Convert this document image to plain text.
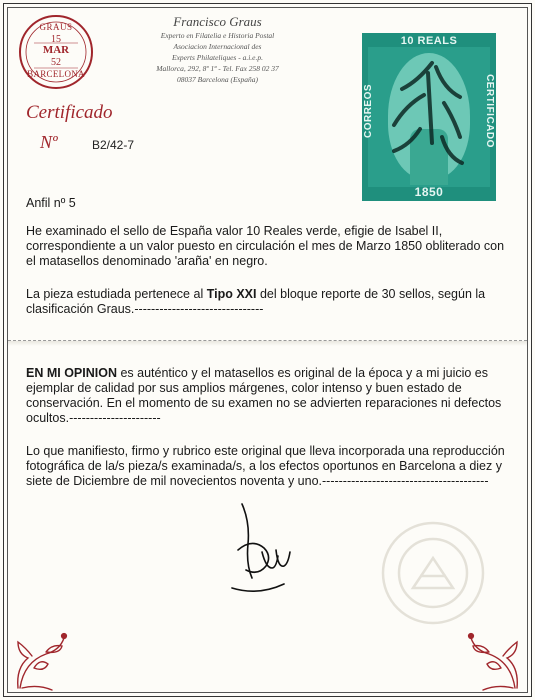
GRAUS
15
MAR
52
BARCELONA
Francisco Graus
Experto en Filatelia e Historia Postal
Asociacion Internacional des
Experts Philateliques - a.i.e.p.
Mallorca, 292, 8º 1ª - Tel. Fax 258 02 37
08037 Barcelona (España)
Certificado
Nº	B2/42-7
10 REALS
CORREOS	CERTIFICADO
1850
Anfil nº 5
He examinado el sello de España valor 10 Reales verde, efigie de Isabel II, correspondiente a un valor puesto en circulación el mes de Marzo 1850 obliterado con el matasellos denominado 'araña' en negro.
La pieza estudiada pertenece al Tipo XXI del bloque reporte de 30 sellos, según la clasificación Graus.-------------------------------
EN MI OPINION es auténtico y el matasellos es original de la época y a mi juicio es ejemplar de calidad por sus amplios márgenes, color intenso y buen estado de conservación. En el momento de su examen no se advierten reparaciones ni defectos ocultos.----------------------
Lo que manifiesto, firmo y rubrico este original que lleva incorporada una reproducción fotográfica de la/s pieza/s examinada/s, a los efectos oportunos en Barcelona a diez y siete de Diciembre de mil novecientos noventa y uno.----------------------------------------
